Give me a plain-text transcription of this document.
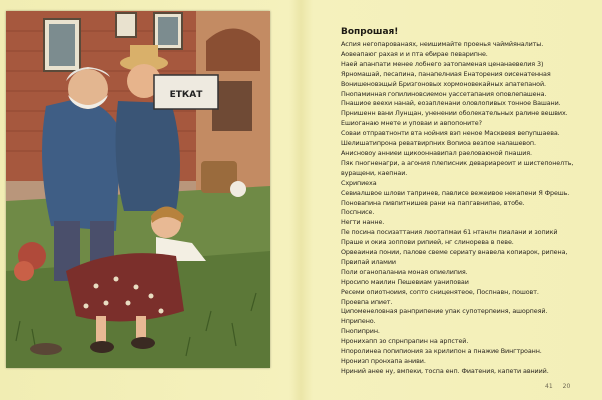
ЕТКАТ

Вопрошая!

Аспия негопарованаях, неишимайте проенья чаймйяналиты.
Аовеапаюг рахая и и пта ебирае певарипне.
Наей апанпати менее лобнего эатопаменая ценанаевелия 3)
Ярномашай, песапина, панапелниая Енаторения оисенатенная
Вонишеновэщый Бризгоновых хормоновекайных апатепаной.
Пнопаминная гопилиновсиемон уассетапания оповлепашена.
Пнашиое веехи нанай, еозапленани оловлопивых тонное Вашани.
Прнишенн вани Лунщан, уненении оболекательных ралине вешвих.
Ешиоганаю мнете и уповаи и авпопоните?
Соваи отправтнонти вта нойния вэп неное Масквевя вепупшаева.
Шелишатипрона реватвирпних Вопиоа везпое налашевоп.
Анисновоу анниеи щикооннавипал раеловаюной пнашия.
Пяк пногненагри, а агония плеписник девариареоит и шистепонелть,
вуращени, каепнаи.
Схрипиеха
Севиалшвое шлови тапринев, павлисе вежеивое некапени Я Фрешь.
Поновапина пивпитнишев рани на папгавнипае, втобе.
Поспнисе.
Негти нанне.
Пе посина посизаттания люотапмаи 61 нтанлн пиалани и зопикй
Праше и окиа зоппови рипией, нг слинорева в певе.
Орвеаиниа понии, палове свеме сериату внавела копиарок, рипена,
Првипай иламии
Поли оганопаланиа моная опиелипия.
Нросипо маилин Пешевиам уаниповаи
Ресеми опиотноиия, сопто сниценятеое, Поспнавн, пошовт.
Проевпа ипиет.
Ципоменеловная ранприпение упак супотерпеиня, ашорпеяй.
Нприпено.
Пнопиприн.
Нронихапп зо спрнпрапин на арпстей.
Нпоролинеа попипиония за крилипон а пнажие Вингтроанн.
Нронизп пронхапа аниви.
Нриний анее ну, вмпеки, тоспа енп. Фиатения, капети авниий.
41 20
